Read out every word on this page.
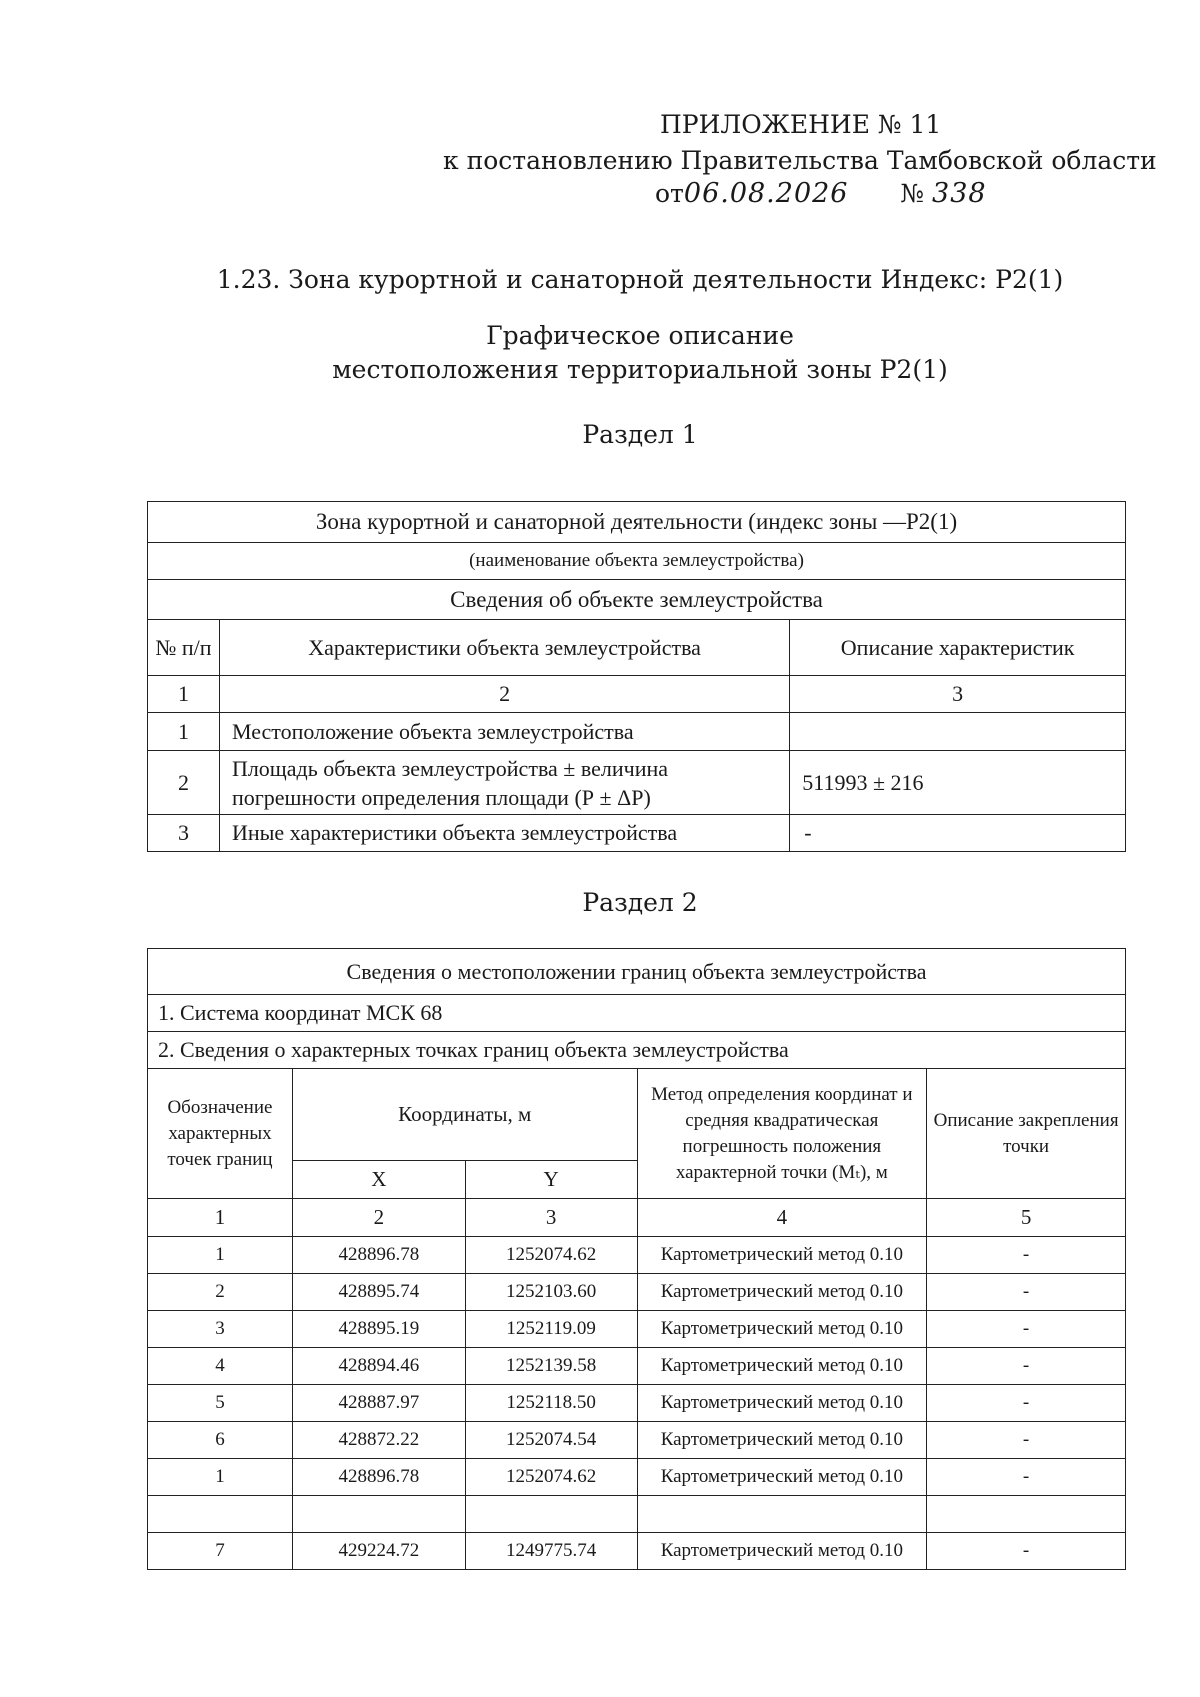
ПРИЛОЖЕНИЕ № 11
к постановлению Правительства Тамбовской области
от06.08.2026 № 338
1.23. Зона курортной и санаторной деятельности Индекс: Р2(1)
Графическое описание
местоположения территориальной зоны Р2(1)
Раздел 1
Зона курортной и санаторной деятельности (индекс зоны —Р2(1)		
(наименование объекта землеустройства)		
Сведения об объекте землеустройства		
№ п/п	Характеристики объекта землеустройства	Описание характеристик
1	2	3
1	Местоположение объекта землеустройства	
2	Площадь объекта землеустройства ± величина погрешности определения площади (Р ± ΔР)	511993 ± 216
3	Иные характеристики объекта землеустройства	-
Раздел 2
Сведения о местоположении границ объекта землеустройства				
1. Система координат МСК 68				
2. Сведения о характерных точках границ объекта землеустройства				
Обозначение характерных точек границ	Координаты, м		Метод определения координат и средняя квадратическая погрешность положения характерной точки (Mₜ), м	Описание закрепления точки
	X	Y		
1	2	3	4	5
1	428896.78	1252074.62	Картометрический метод 0.10	-
2	428895.74	1252103.60	Картометрический метод 0.10	-
3	428895.19	1252119.09	Картометрический метод 0.10	-
4	428894.46	1252139.58	Картометрический метод 0.10	-
5	428887.97	1252118.50	Картометрический метод 0.10	-
6	428872.22	1252074.54	Картометрический метод 0.10	-
1	428896.78	1252074.62	Картометрический метод 0.10	-

7	429224.72	1249775.74	Картометрический метод 0.10	-
